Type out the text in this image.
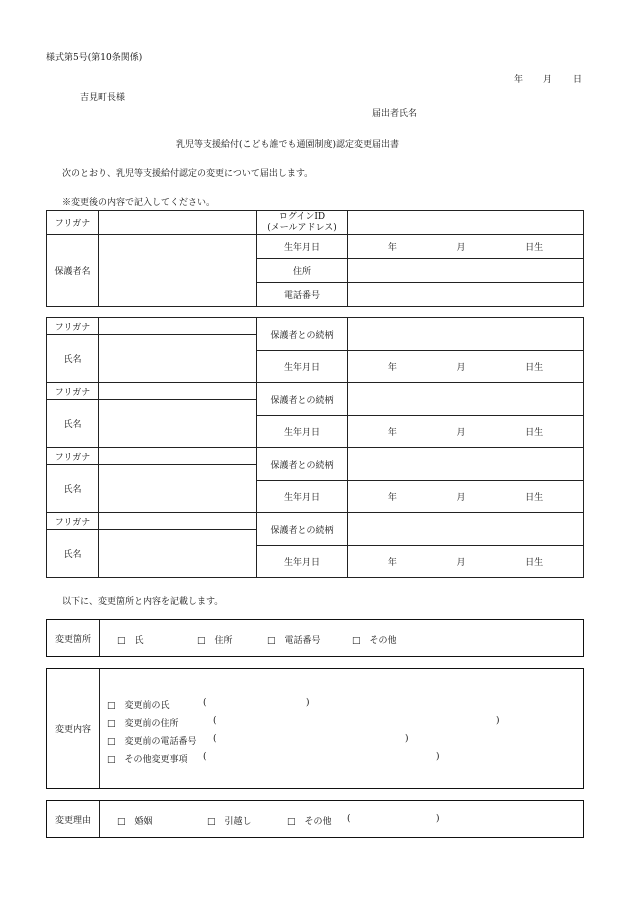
様式第5号(第10条関係)
年 月 日
吉見町長様
届出者氏名
乳児等支援給付(こども誰でも通園制度)認定変更届出書
次のとおり、乳児等支援給付認定の変更について届出します。
※変更後の内容で記入してください。
フリガナ		ログインID
(メールアドレス)	

保護者名		生年月日	年 月 日生

		住所	
		電話番号	
フリガナ		保護者との続柄	
氏名			
		生年月日	年 月 日生

フリガナ		保護者との続柄	
氏名			
		生年月日	年 月 日生

フリガナ		保護者との続柄	
氏名			
		生年月日	年 月 日生

フリガナ		保護者との続柄	
氏名			
		生年月日	年 月 日生
以下に、変更箇所と内容を記載します。
変更箇所	□　氏	□　住所	□　電話番号	□　その他
変更内容
□　変更前の氏	(	)
□　変更前の住所	(	)
□　変更前の電話番号 (	)
□　その他変更事項 (	)
変更理由	□　婚姻	□　引越し	□　その他 (	)
